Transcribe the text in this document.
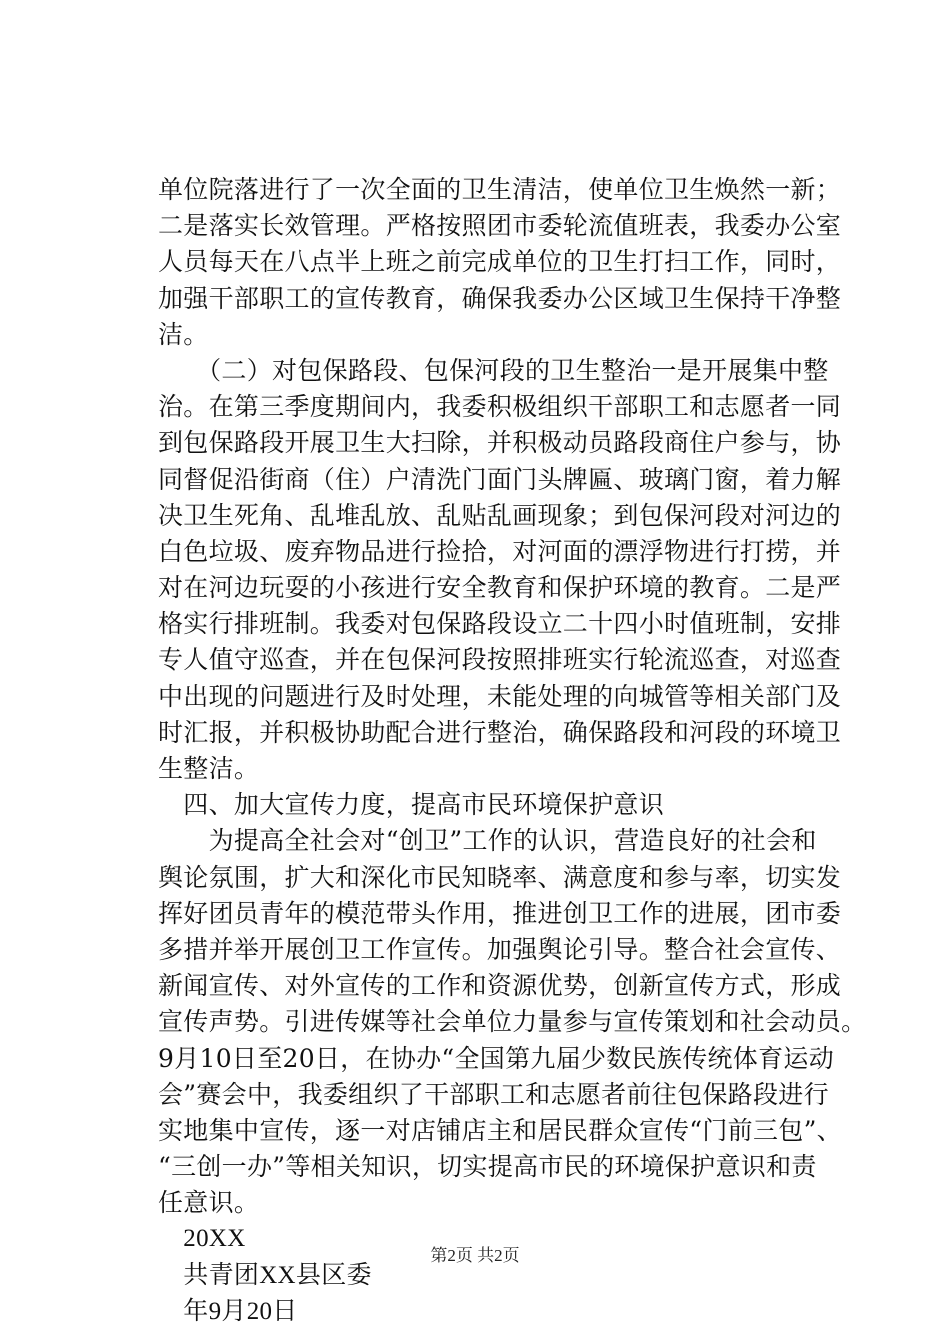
单位院落进行了一次全面的卫生清洁，使单位卫生焕然一新；
二是落实长效管理。严格按照团市委轮流值班表，我委办公室
人员每天在八点半上班之前完成单位的卫生打扫工作，同时，
加强干部职工的宣传教育，确保我委办公区域卫生保持干净整
洁。
　　（二）对包保路段、包保河段的卫生整治一是开展集中整
治。在第三季度期间内，我委积极组织干部职工和志愿者一同
到包保路段开展卫生大扫除，并积极动员路段商住户参与，协
同督促沿街商（住）户清洗门面门头牌匾、玻璃门窗，着力解
决卫生死角、乱堆乱放、乱贴乱画现象；到包保河段对河边的
白色垃圾、废弃物品进行捡拾，对河面的漂浮物进行打捞，并
对在河边玩耍的小孩进行安全教育和保护环境的教育。二是严
格实行排班制。我委对包保路段设立二十四小时值班制，安排
专人值守巡查，并在包保河段按照排班实行轮流巡查，对巡查
中出现的问题进行及时处理，未能处理的向城管等相关部门及
时汇报，并积极协助配合进行整治，确保路段和河段的环境卫
生整洁。
　四、加大宣传力度，提高市民环境保护意识
　　为提高全社会对“创卫”工作的认识，营造良好的社会和
舆论氛围，扩大和深化市民知晓率、满意度和参与率，切实发
挥好团员青年的模范带头作用，推进创卫工作的进展，团市委
多措并举开展创卫工作宣传。加强舆论引导。整合社会宣传、
新闻宣传、对外宣传的工作和资源优势，创新宣传方式，形成
宣传声势。引进传媒等社会单位力量参与宣传策划和社会动员。
9月10日至20日，在协办“全国第九届少数民族传统体育运动
会”赛会中，我委组织了干部职工和志愿者前往包保路段进行
实地集中宣传，逐一对店铺店主和居民群众宣传“门前三包”、
“三创一办”等相关知识，切实提高市民的环境保护意识和责
任意识。
　20XX
　共青团XX县区委
　年9月20日
第2页 共2页
